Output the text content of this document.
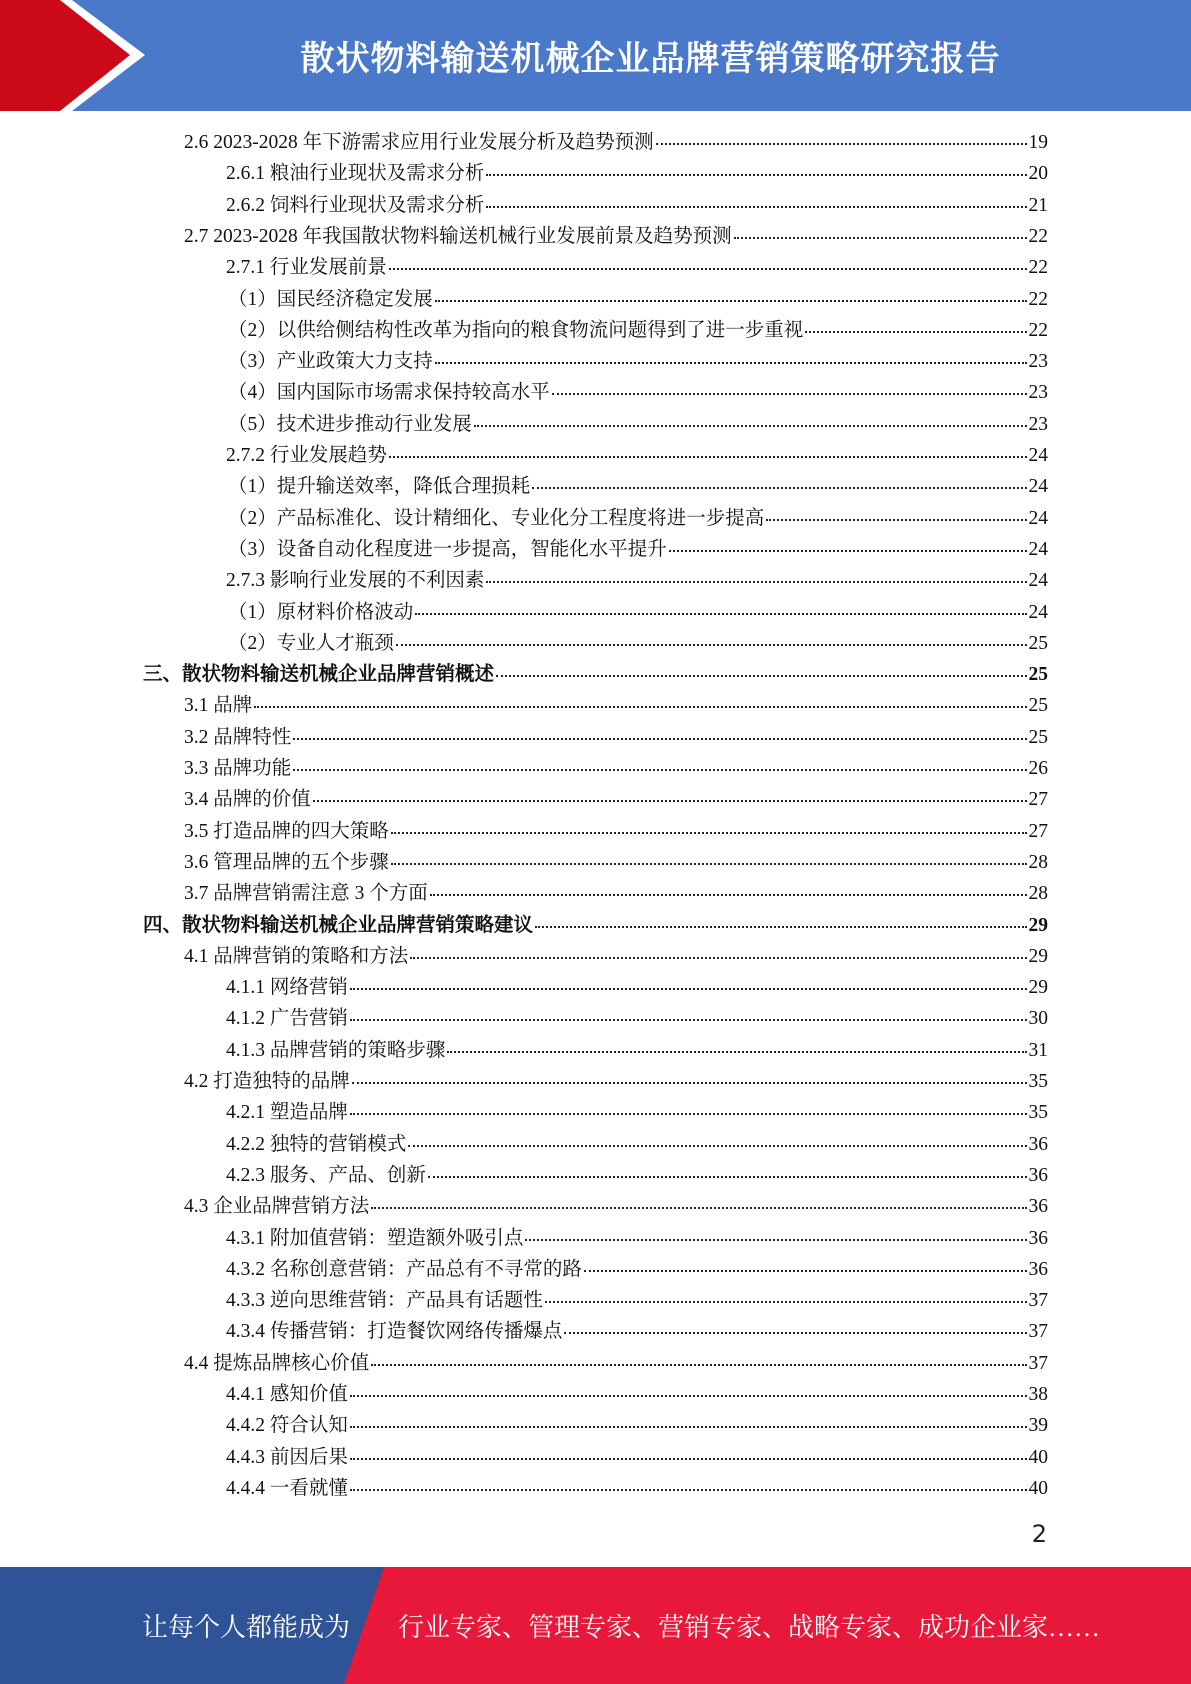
散状物料输送机械企业品牌营销策略研究报告
2.6 2023-2028 年下游需求应用行业发展分析及趋势预测	19
2.6.1 粮油行业现状及需求分析	20
2.6.2 饲料行业现状及需求分析	21
2.7 2023-2028 年我国散状物料输送机械行业发展前景及趋势预测	22
2.7.1 行业发展前景	22
（1）国民经济稳定发展	22
（2）以供给侧结构性改革为指向的粮食物流问题得到了进一步重视	22
（3）产业政策大力支持	23
（4）国内国际市场需求保持较高水平	23
（5）技术进步推动行业发展	23
2.7.2 行业发展趋势	24
（1）提升输送效率，降低合理损耗	24
（2）产品标准化、设计精细化、专业化分工程度将进一步提高	24
（3）设备自动化程度进一步提高，智能化水平提升	24
2.7.3 影响行业发展的不利因素	24
（1）原材料价格波动	24
（2）专业人才瓶颈	25
三、散状物料输送机械企业品牌营销概述	25
3.1 品牌	25
3.2 品牌特性	25
3.3 品牌功能	26
3.4 品牌的价值	27
3.5 打造品牌的四大策略	27
3.6 管理品牌的五个步骤	28
3.7 品牌营销需注意 3 个方面	28
四、散状物料输送机械企业品牌营销策略建议	29
4.1 品牌营销的策略和方法	29
4.1.1 网络营销	29
4.1.2 广告营销	30
4.1.3 品牌营销的策略步骤	31
4.2 打造独特的品牌	35
4.2.1 塑造品牌	35
4.2.2 独特的营销模式	36
4.2.3 服务、产品、创新	36
4.3 企业品牌营销方法	36
4.3.1 附加值营销：塑造额外吸引点	36
4.3.2 名称创意营销：产品总有不寻常的路	36
4.3.3 逆向思维营销：产品具有话题性	37
4.3.4 传播营销：打造餐饮网络传播爆点	37
4.4 提炼品牌核心价值	37
4.4.1 感知价值	38
4.4.2 符合认知	39
4.4.3 前因后果	40
4.4.4 一看就懂	40
2
让每个人都能成为 行业专家、管理专家、营销专家、战略专家、成功企业家……
